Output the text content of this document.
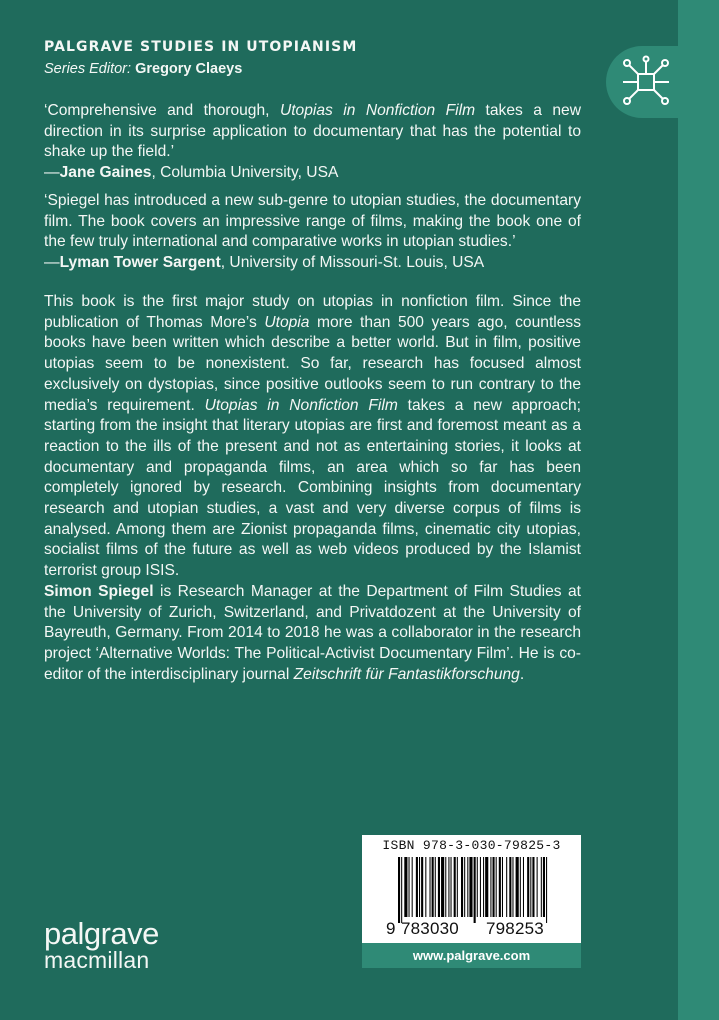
PALGRAVE STUDIES IN UTOPIANISM
Series Editor: Gregory Claeys

‘Comprehensive and thorough, Utopias in Nonfiction Film takes a new direction in its surprise application to documentary that has the potential to shake up the field.’

—Jane Gaines, Columbia University, USA

‘Spiegel has introduced a new sub-genre to utopian studies, the documentary film. The book covers an impressive range of films, making the book one of the few truly international and comparative works in utopian studies.’

—Lyman Tower Sargent, University of Missouri-St. Louis, USA

This book is the first major study on utopias in nonfiction film. Since the publication of Thomas More’s Utopia more than 500 years ago, countless books have been written which describe a better world. But in film, positive utopias seem to be nonexistent. So far, research has focused almost exclusively on dystopias, since positive outlooks seem to run contrary to the media’s requirement. Utopias in Nonfiction Film takes a new approach; starting from the insight that literary utopias are first and foremost meant as a reaction to the ills of the present and not as entertaining stories, it looks at documentary and propaganda films, an area which so far has been completely ignored by research. Combining insights from documentary research and utopian studies, a vast and very diverse corpus of films is analysed. Among them are Zionist propaganda films, cinematic city utopias, socialist films of the future as well as web videos produced by the Islamist terrorist group ISIS.

Simon Spiegel is Research Manager at the Department of Film Studies at the University of Zurich, Switzerland, and Privatdozent at the University of Bayreuth, Germany. From 2014 to 2018 he was a collaborator in the research project ‘Alternative Worlds: The Political-Activist Documentary Film’. He is co-editor of the interdisciplinary journal Zeitschrift für Fantastikforschung.

ISBN 978-3-030-79825-3
9 783030 798253
www.palgrave.com
palgrave
macmillan
